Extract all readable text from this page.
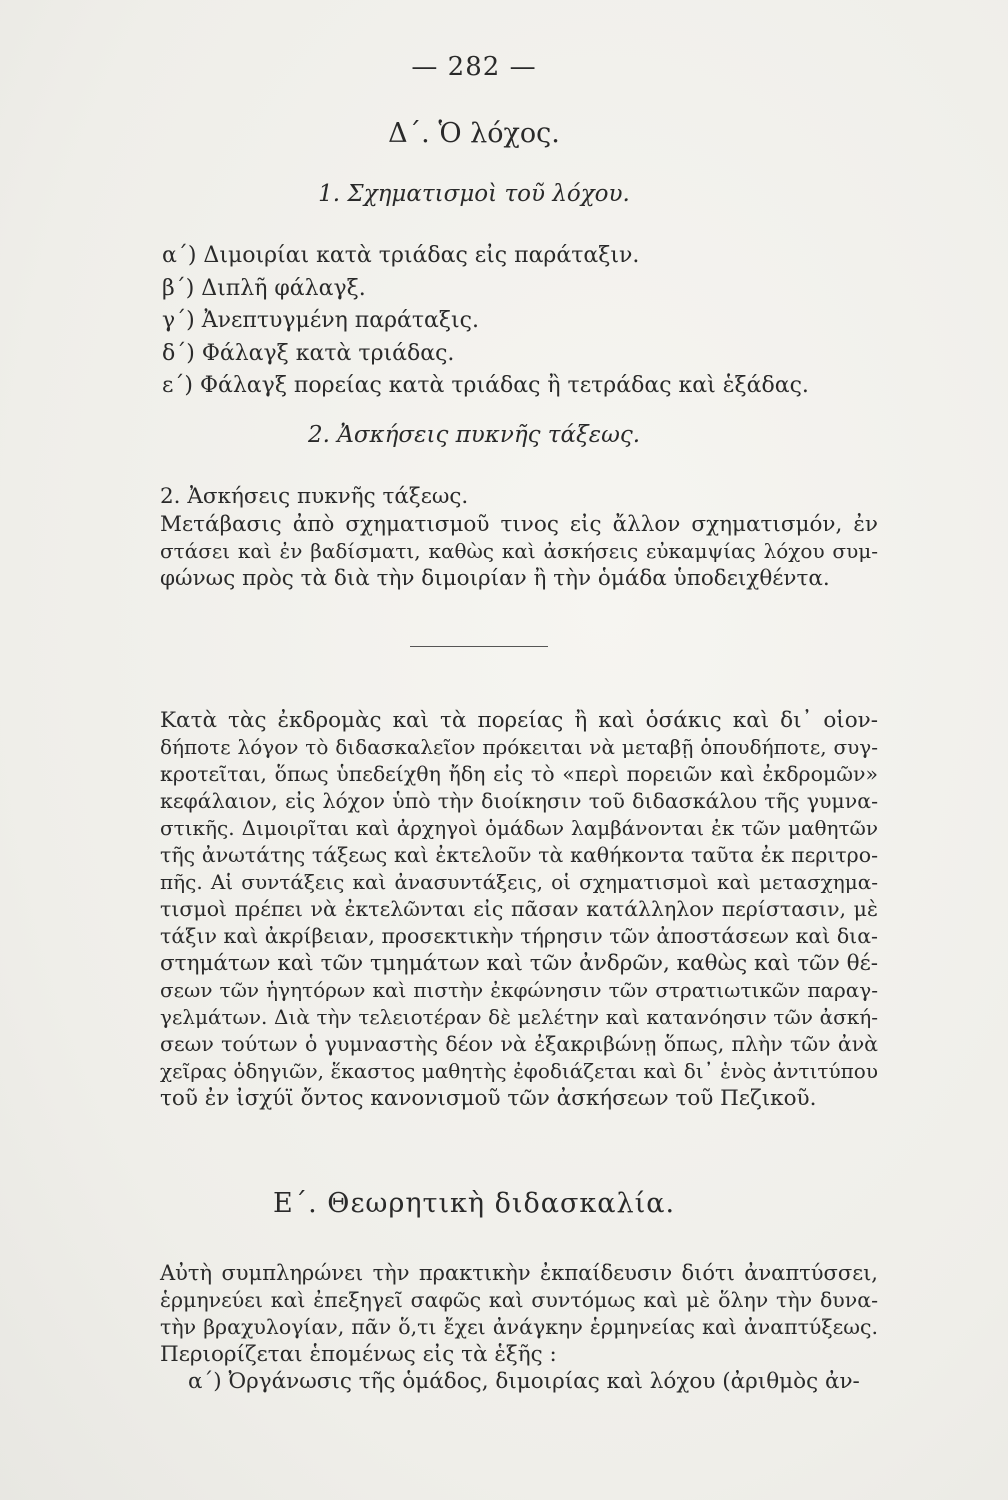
— 282 —
Δ΄. Ὁ λόχος.
1. Σχηματισμοὶ τοῦ λόχου.
α΄) Διμοιρίαι κατὰ τριάδας εἰς παράταξιν.
β΄) Διπλῆ φάλαγξ.
γ΄) Ἀνεπτυγμένη παράταξις.
δ΄) Φάλαγξ κατὰ τριάδας.
ε΄) Φάλαγξ πορείας κατὰ τριάδας ἢ τετράδας καὶ ἑξάδας.
2. Ἀσκήσεις πυκνῆς τάξεως.
2. Ἀσκήσεις πυκνῆς τάξεως.
Μετάβασις ἀπὸ σχηματισμοῦ τινος εἰς ἄλλον σχηματισμόν, ἐν
στάσει καὶ ἐν βαδίσματι, καθὼς καὶ ἀσκήσεις εὐκαμψίας λόχου συμ-
φώνως πρὸς τὰ διὰ τὴν διμοιρίαν ἢ τὴν ὁμάδα ὑποδειχθέντα.
Κατὰ τὰς ἐκδρομὰς καὶ τὰ πορείας ἢ καὶ ὁσάκις καὶ δι᾽ οἱον-
δήποτε λόγον τὸ διδασκαλεῖον πρόκειται νὰ μεταβῇ ὁπουδήποτε, συγ-
κροτεῖται, ὅπως ὑπεδείχθη ἤδη εἰς τὸ «περὶ πορειῶν καὶ ἐκδρομῶν»
κεφάλαιον, εἰς λόχον ὑπὸ τὴν διοίκησιν τοῦ διδασκάλου τῆς γυμνα-
στικῆς. Διμοιρῖται καὶ ἀρχηγοὶ ὁμάδων λαμβάνονται ἐκ τῶν μαθητῶν
τῆς ἀνωτάτης τάξεως καὶ ἐκτελοῦν τὰ καθήκοντα ταῦτα ἐκ περιτρο-
πῆς. Αἱ συντάξεις καὶ ἀνασυντάξεις, οἱ σχηματισμοὶ καὶ μετασχημα-
τισμοὶ πρέπει νὰ ἐκτελῶνται εἰς πᾶσαν κατάλληλον περίστασιν, μὲ
τάξιν καὶ ἀκρίβειαν, προσεκτικὴν τήρησιν τῶν ἀποστάσεων καὶ δια-
στημάτων καὶ τῶν τμημάτων καὶ τῶν ἀνδρῶν, καθὼς καὶ τῶν θέ-
σεων τῶν ἡγητόρων καὶ πιστὴν ἐκφώνησιν τῶν στρατιωτικῶν παραγ-
γελμάτων. Διὰ τὴν τελειοτέραν δὲ μελέτην καὶ κατανόησιν τῶν ἀσκή-
σεων τούτων ὁ γυμναστὴς δέον νὰ ἐξακριβώνῃ ὅπως, πλὴν τῶν ἀνὰ
χεῖρας ὁδηγιῶν, ἕκαστος μαθητὴς ἐφοδιάζεται καὶ δι᾽ ἑνὸς ἀντιτύπου
τοῦ ἐν ἰσχύϊ ὄντος κανονισμοῦ τῶν ἀσκήσεων τοῦ Πεζικοῦ.
Ε΄. Θεωρητικὴ διδασκαλία.
Αὐτὴ συμπληρώνει τὴν πρακτικὴν ἐκπαίδευσιν διότι ἀναπτύσσει,
ἑρμηνεύει καὶ ἐπεξηγεῖ σαφῶς καὶ συντόμως καὶ μὲ ὅλην τὴν δυνα-
τὴν βραχυλογίαν, πᾶν ὅ,τι ἔχει ἀνάγκην ἑρμηνείας καὶ ἀναπτύξεως.
Περιορίζεται ἑπομένως εἰς τὰ ἑξῆς :
α΄) Ὀργάνωσις τῆς ὁμάδος, διμοιρίας καὶ λόχου (ἀριθμὸς ἀν-
